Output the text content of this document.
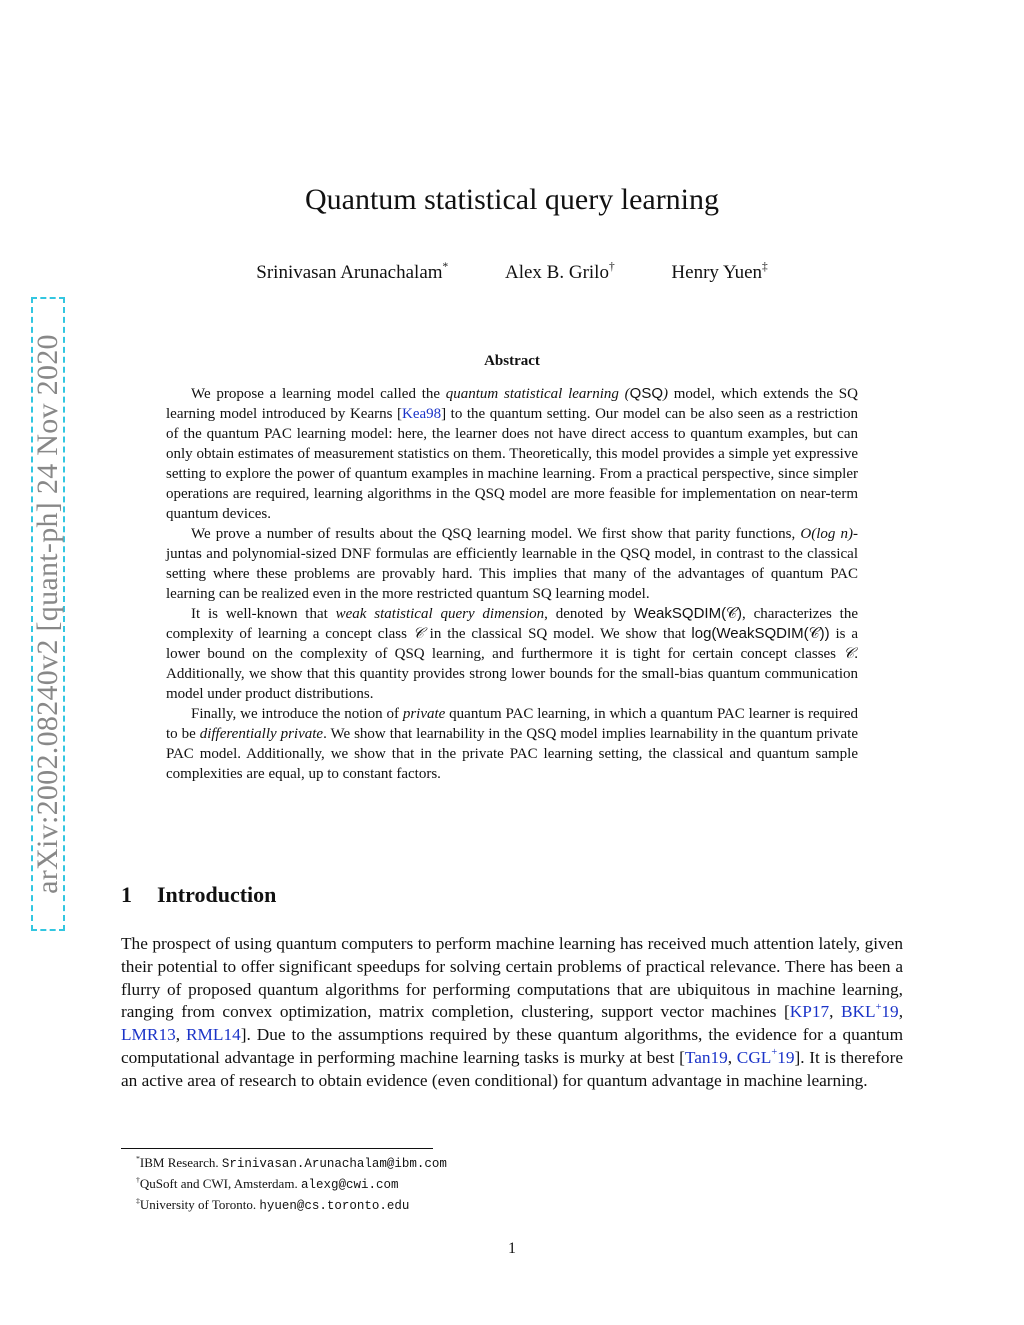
arXiv:2002.08240v2 [quant-ph] 24 Nov 2020
Quantum statistical query learning
Srinivasan Arunachalam*	Alex B. Grilo†	Henry Yuen‡
Abstract

We propose a learning model called the quantum statistical learning (QSQ) model, which extends the SQ learning model introduced by Kearns [Kea98] to the quantum setting. Our model can be also seen as a restriction of the quantum PAC learning model: here, the learner does not have direct access to quantum examples, but can only obtain estimates of measurement statistics on them. Theoretically, this model provides a simple yet expressive setting to explore the power of quantum examples in machine learning. From a practical perspective, since simpler operations are required, learning algorithms in the QSQ model are more feasible for implementation on near-term quantum devices.

We prove a number of results about the QSQ learning model. We first show that parity functions, O(log n)-juntas and polynomial-sized DNF formulas are efficiently learnable in the QSQ model, in contrast to the classical setting where these problems are provably hard. This implies that many of the advantages of quantum PAC learning can be realized even in the more restricted quantum SQ learning model.

It is well-known that weak statistical query dimension, denoted by WeakSQDIM(𝒞), characterizes the complexity of learning a concept class 𝒞 in the classical SQ model. We show that log(WeakSQDIM(𝒞)) is a lower bound on the complexity of QSQ learning, and furthermore it is tight for certain concept classes 𝒞. Additionally, we show that this quantity provides strong lower bounds for the small-bias quantum communication model under product distributions.

Finally, we introduce the notion of private quantum PAC learning, in which a quantum PAC learner is required to be differentially private. We show that learnability in the QSQ model implies learnability in the quantum private PAC model. Additionally, we show that in the private PAC learning setting, the classical and quantum sample complexities are equal, up to constant factors.

1 Introduction

The prospect of using quantum computers to perform machine learning has received much attention lately, given their potential to offer significant speedups for solving certain problems of practical relevance. There has been a flurry of proposed quantum algorithms for performing computations that are ubiquitous in machine learning, ranging from convex optimization, matrix completion, clustering, support vector machines [KP17, BKL+19, LMR13, RML14]. Due to the assumptions required by these quantum algorithms, the evidence for a quantum computational advantage in performing machine learning tasks is murky at best [Tan19, CGL+19]. It is therefore an active area of research to obtain evidence (even conditional) for quantum advantage in machine learning.

*IBM Research. Srinivasan.Arunachalam@ibm.com
†QuSoft and CWI, Amsterdam. alexg@cwi.com
‡University of Toronto. hyuen@cs.toronto.edu
1
